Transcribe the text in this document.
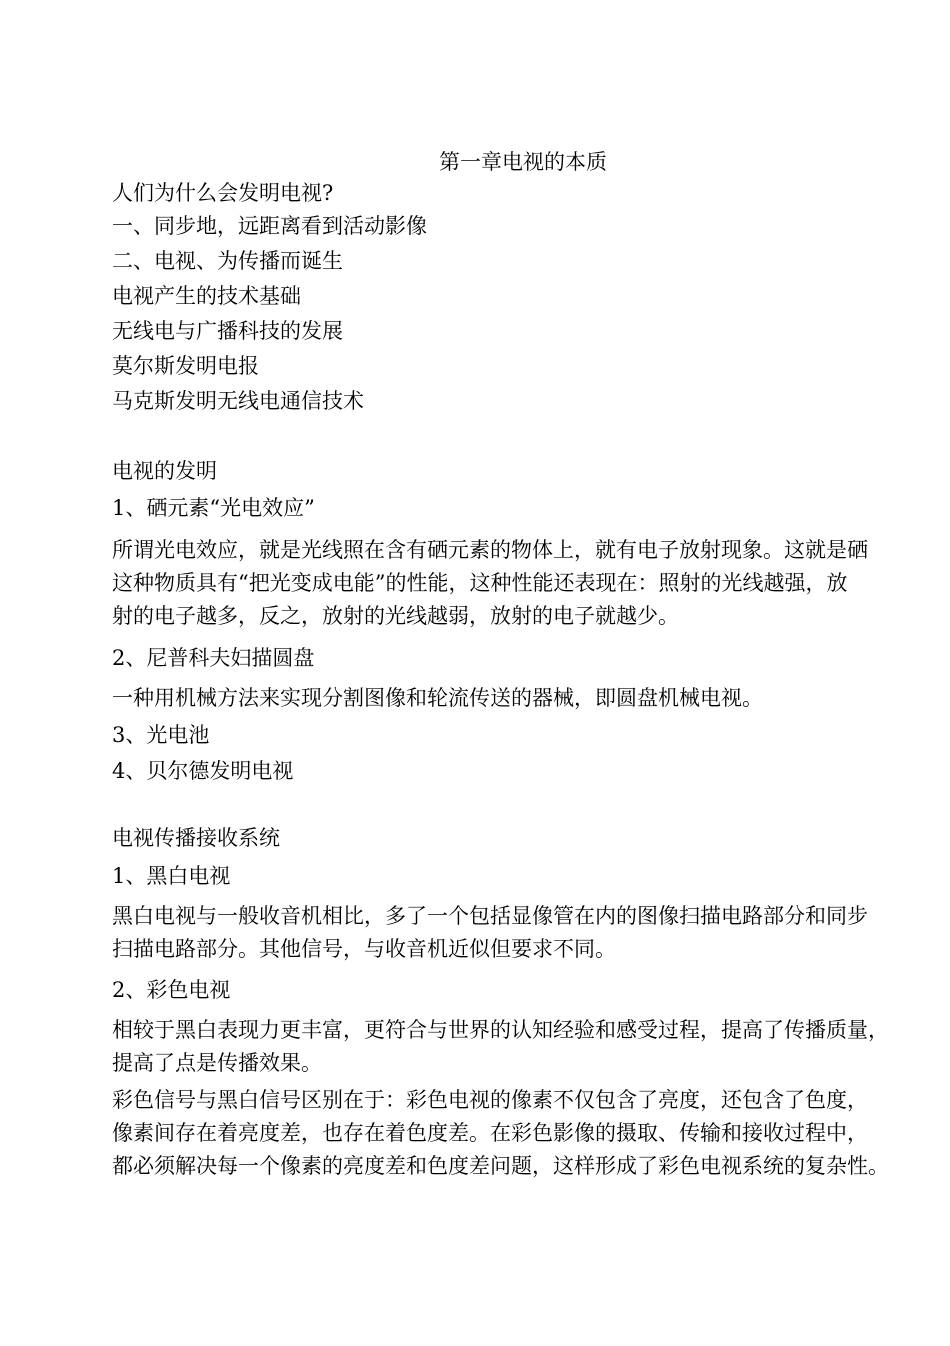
第一章电视的本质
人们为什么会发明电视?
一、同步地，远距离看到活动影像
二、电视、为传播而诞生
电视产生的技术基础
无线电与广播科技的发展
莫尔斯发明电报
马克斯发明无线电通信技术
电视的发明
1、硒元素“光电效应”
所谓光电效应，就是光线照在含有硒元素的物体上，就有电子放射现象。这就是硒
这种物质具有“把光变成电能”的性能，这种性能还表现在：照射的光线越强，放
射的电子越多，反之，放射的光线越弱，放射的电子就越少。
2、尼普科夫妇描圆盘
一种用机械方法来实现分割图像和轮流传送的器械，即圆盘机械电视。
3、光电池
4、贝尔德发明电视
电视传播接收系统
1、黑白电视
黑白电视与一般收音机相比，多了一个包括显像管在内的图像扫描电路部分和同步
扫描电路部分。其他信号，与收音机近似但要求不同。
2、彩色电视
相较于黑白表现力更丰富，更符合与世界的认知经验和感受过程，提高了传播质量，
提高了点是传播效果。
彩色信号与黑白信号区别在于：彩色电视的像素不仅包含了亮度，还包含了色度，
像素间存在着亮度差，也存在着色度差。在彩色影像的摄取、传输和接收过程中，
都必须解决每一个像素的亮度差和色度差问题，这样形成了彩色电视系统的复杂性。
